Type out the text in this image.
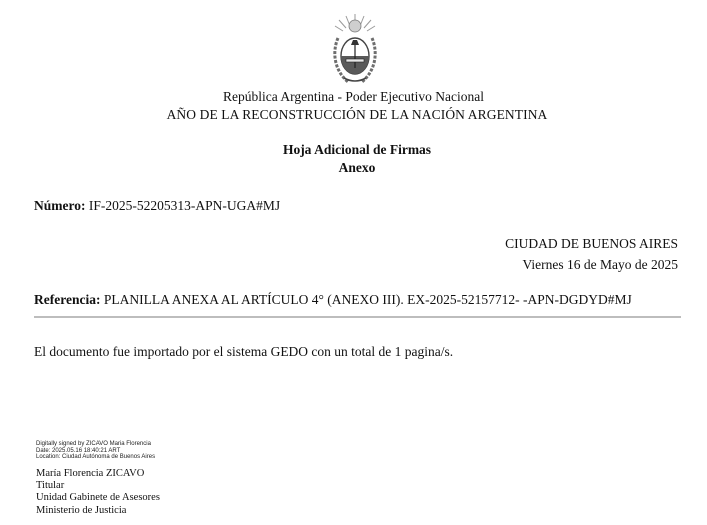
República Argentina - Poder Ejecutivo Nacional
AÑO DE LA RECONSTRUCCIÓN DE LA NACIÓN ARGENTINA
Hoja Adicional de Firmas
Anexo
Número: IF-2025-52205313-APN-UGA#MJ
CIUDAD DE BUENOS AIRES
Viernes 16 de Mayo de 2025
Referencia: PLANILLA ANEXA AL ARTÍCULO 4° (ANEXO III). EX-2025-52157712- -APN-DGDYD#MJ
El documento fue importado por el sistema GEDO con un total de 1 pagina/s.
Digitally signed by ZICAVO Maria Florencia
Date: 2025.05.16 18:40:21 ART
Location: Ciudad Autónoma de Buenos Aires
María Florencia ZICAVO
Titular
Unidad Gabinete de Asesores
Ministerio de Justicia
